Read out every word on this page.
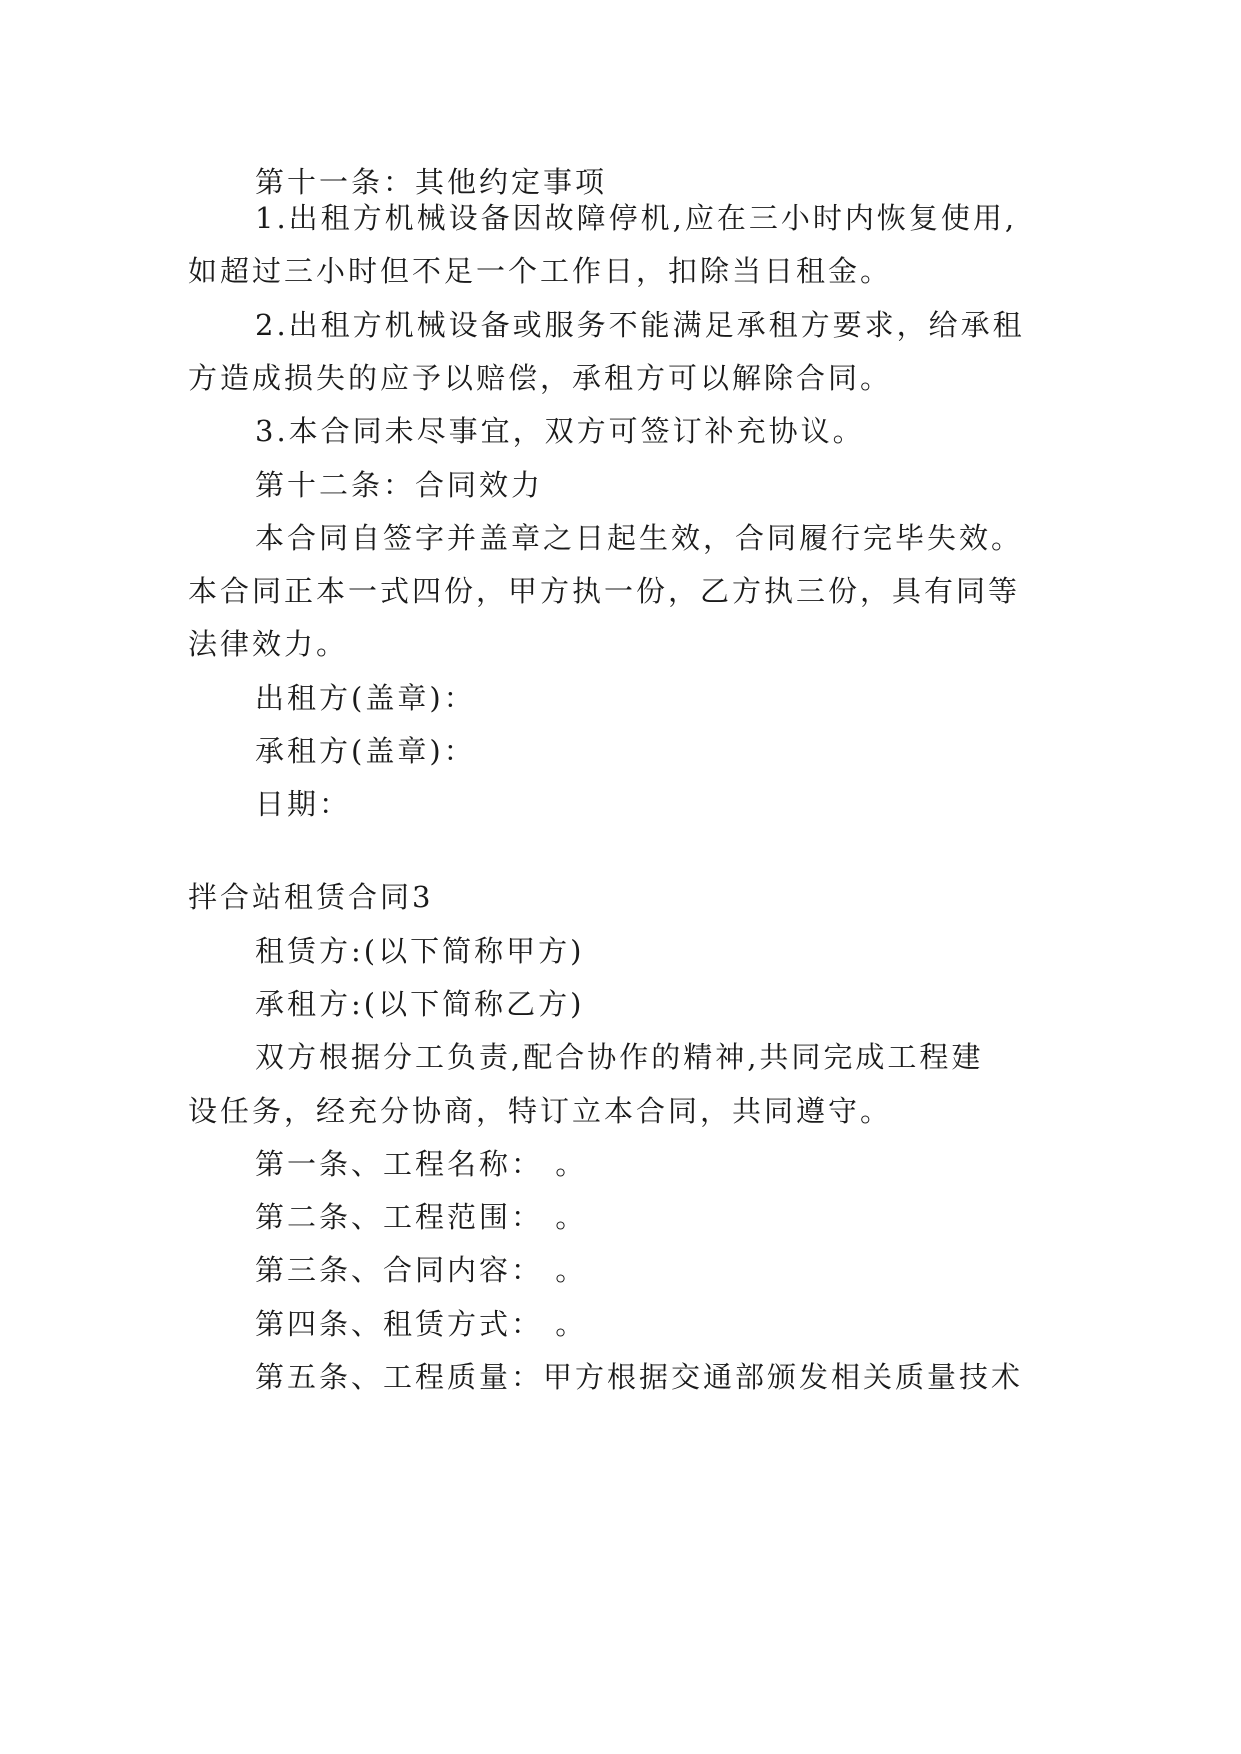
第十一条：其他约定事项
1.出租方机械设备因故障停机,应在三小时内恢复使用,
如超过三小时但不足一个工作日，扣除当日租金。
2.出租方机械设备或服务不能满足承租方要求，给承租
方造成损失的应予以赔偿，承租方可以解除合同。
3.本合同未尽事宜，双方可签订补充协议。
第十二条：合同效力
本合同自签字并盖章之日起生效，合同履行完毕失效。
本合同正本一式四份，甲方执一份，乙方执三份，具有同等
法律效力。
出租方(盖章)：
承租方(盖章)：
日期：
拌合站租赁合同3
租赁方:(以下简称甲方)
承租方:(以下简称乙方)
双方根据分工负责,配合协作的精神,共同完成工程建
设任务，经充分协商，特订立本合同，共同遵守。
第一条、工程名称： 。
第二条、工程范围： 。
第三条、合同内容： 。
第四条、租赁方式： 。
第五条、工程质量：甲方根据交通部颁发相关质量技术
